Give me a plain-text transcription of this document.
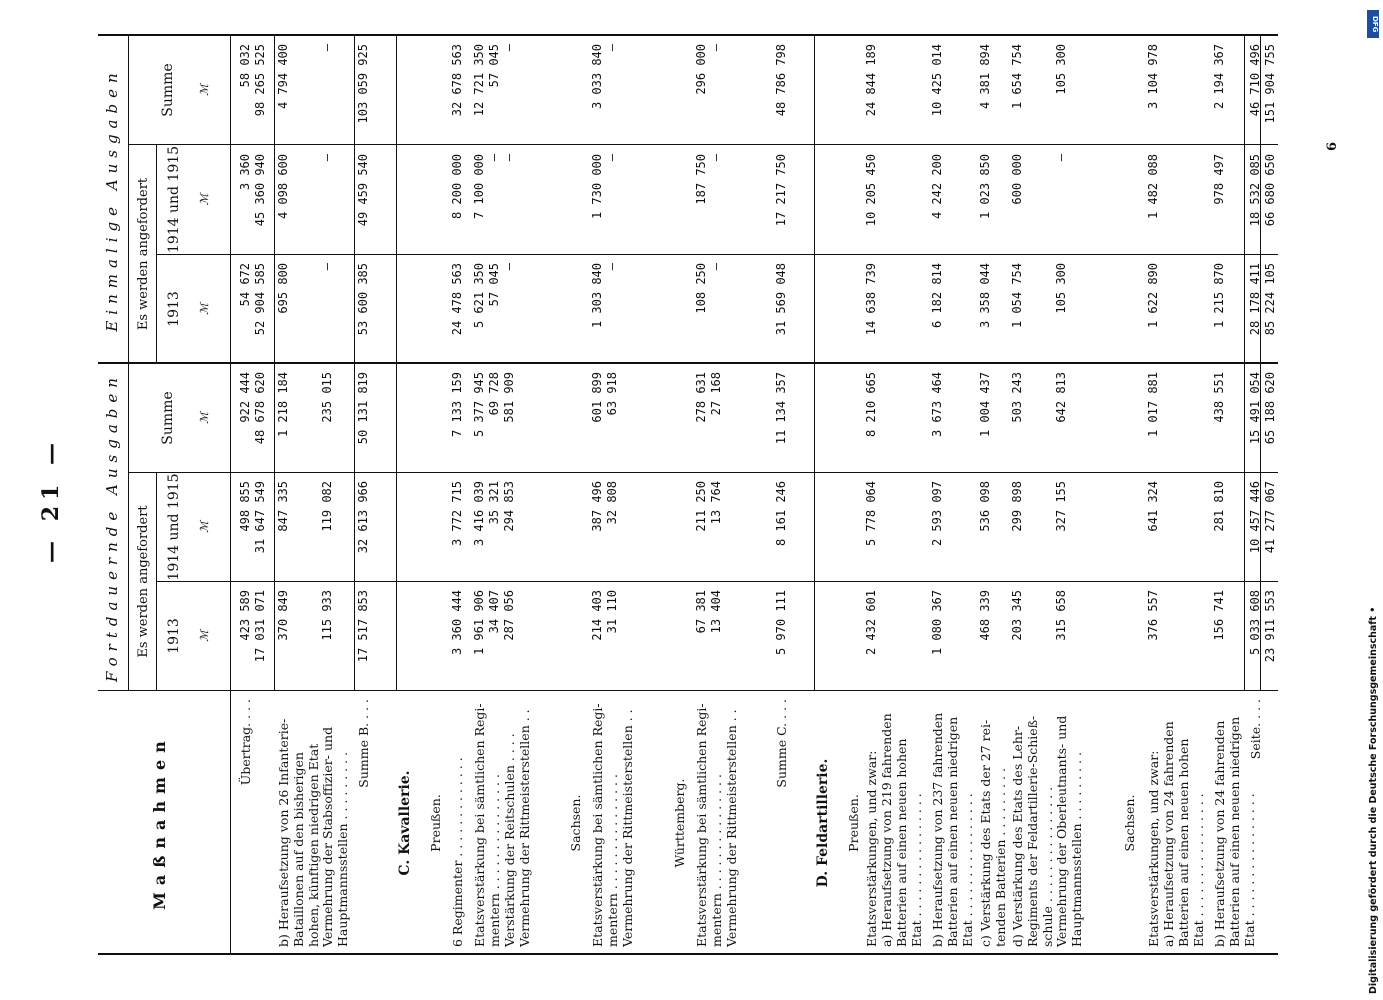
— 21 —
Maßnahmen
Fortdauernde Ausgaben
Einmalige Ausgaben
Es werden angefordert
Es werden angefordert
1913
1914 und 1915
Summe
1913
1914 und 1915
Summe
ℳ
ℳ
ℳ
ℳ
ℳ
ℳ
Übertrag. . . .
423 589
17 031 071
498 855
31 647 549
922 444
48 678 620
54 672
52 904 585
3 360
45 360 940
58 032
98 265 525
b) Heraufsetzung von 26 Infanterie-
Bataillonen auf den bisherigen
hohen, künftigen niedrigen Etat
370 849
847 335
1 218 184
695 800
4 098 600
4 794 400
Vermehrung der Stabsoffizier- und
Hauptmannsstellen . . . . . . . . .
115 933
119 082
235 015
—
—
—
Summe B. . . .
17 517 853
32 613 966
50 131 819
53 600 385
49 459 540
103 059 925
C. Kavallerie. Preußen. 6 Regimenter . . . . . . . . . . . . .
3 360 444
3 772 715
7 133 159
24 478 563
8 200 000
32 678 563
Etatsverstärkung bei sämtlichen Regi-
mentern . . . . . . . . . . . . . . .
Verstärkung der Reitschulen . . . .
Vermehrung der Rittmeisterstellen . .
1 961 906
34 407
287 056
3 416 039
35 321
294 853
5 377 945
69 728
581 909
5 621 350
57 045
—
7 100 000
—
—
12 721 350
57 045
—
Sachsen.
Etatsverstärkung bei sämtlichen Regi-
mentern . . . . . . . . . . . . . . .
Vermehrung der Rittmeisterstellen . .
214 403
31 110
387 496
32 808
601 899
63 918
1 303 840
—
1 730 000
—
3 033 840
—
Württemberg.
Etatsverstärkung bei sämtlichen Regi-
mentern . . . . . . . . . . . . . . .
Vermehrung der Rittmeisterstellen . .
67 381
13 404
211 250
13 764
278 631
27 168
108 250
—
187 750
—
296 000
—
Summe C. . . .
5 970 111
8 161 246
11 134 357
31 569 048
17 217 750
48 786 798
D. Feldartillerie. Preußen. Etatsverstärkungen, und zwar:
a) Heraufsetzung von 219 fahrenden
Batterien auf einen neuen hohen
Etat . . . . . . . . . . . . . . . .
2 432 601
5 778 064
8 210 665
14 638 739
10 205 450
24 844 189
b) Heraufsetzung von 237 fahrenden
Batterien auf einen neuen niedrigen
Etat . . . . . . . . . . . . . . . .
1 080 367
2 593 097
3 673 464
6 182 814
4 242 200
10 425 014
c) Verstärkung des Etats der 27 rei-
tenden Batterien . . . . . . . . .
468 339
536 098
1 004 437
3 358 044
1 023 850
4 381 894
d) Verstärkung des Etats des Lehr-
Regiments der Feldartillerie-Schieß-
schule . . . . . . . . . . . . . . .
203 345
299 898
503 243
1 054 754
600 000
1 654 754
Vermehrung der Oberleutnants- und
Hauptmannsstellen . . . . . . . . .
315 658
327 155
642 813
105 300
—
105 300
Sachsen. Etatsverstärkungen, und zwar:
a) Heraufsetzung von 24 fahrenden
Batterien auf einen neuen hohen
Etat . . . . . . . . . . . . . . . .
376 557
641 324
1 017 881
1 622 890
1 482 088
3 104 978
b) Heraufsetzung von 24 fahrenden
Batterien auf einen neuen niedrigen
Etat . . . . . . . . . . . . . . . .
156 741
281 810
438 551
1 215 870
978 497
2 194 367
Seite. . . .
5 033 608
23 911 553
10 457 446
41 277 067
15 491 054
65 188 620
28 178 411
85 224 105
18 532 085
66 680 650
46 710 496
151 904 755
6
DFG
Digitalisierung gefördert durch die Deutsche Forschungsgemeinschaft •
